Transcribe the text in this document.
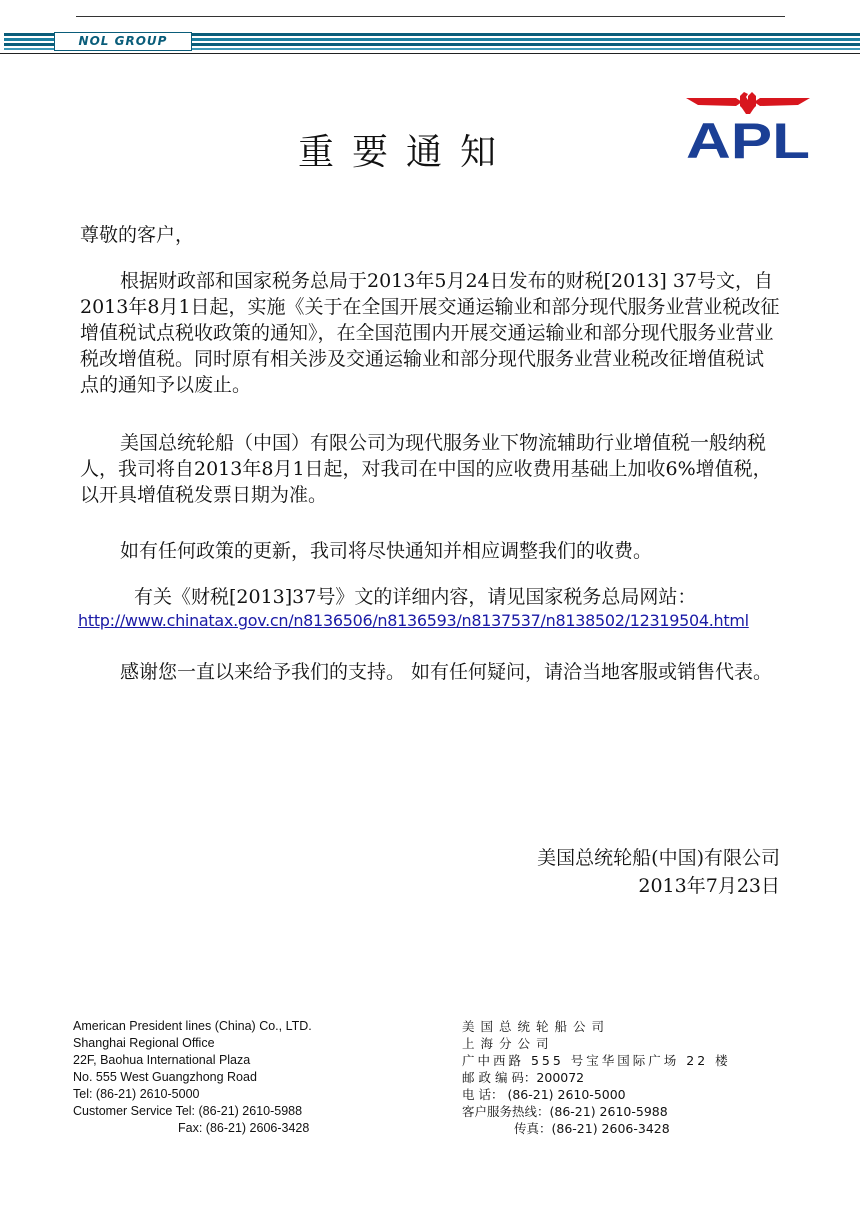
NOL GROUP
APL
重要通知
尊敬的客户，
根据财政部和国家税务总局于2013年5月24日发布的财税[2013] 37号文，自2013年8月1日起，实施《关于在全国开展交通运输业和部分现代服务业营业税改征增值税试点税收政策的通知》，在全国范围内开展交通运输业和部分现代服务业营业税改增值税。同时原有相关涉及交通运输业和部分现代服务业营业税改征增值税试点的通知予以废止。
美国总统轮船（中国）有限公司为现代服务业下物流辅助行业增值税一般纳税人，我司将自2013年8月1日起，对我司在中国的应收费用基础上加收6%增值税，以开具增值税发票日期为准。
如有任何政策的更新，我司将尽快通知并相应调整我们的收费。
有关《财税[2013]37号》文的详细内容，请见国家税务总局网站：
http://www.chinatax.gov.cn/n8136506/n8136593/n8137537/n8138502/12319504.html
感谢您一直以来给予我们的支持。 如有任何疑问，请洽当地客服或销售代表。
美国总统轮船(中国)有限公司
2013年7月23日
American President lines (China) Co., LTD.
Shanghai Regional Office
22F, Baohua International Plaza
No. 555 West Guangzhong Road
Tel: (86-21) 2610-5000
Customer Service Tel: (86-21) 2610-5988
Fax: (86-21) 2606-3428
美国总统轮船公司
上海分公司
广中西路 555 号宝华国际广场 22 楼
邮 政 编 码：200072
电 话： (86-21) 2610-5000
客户服务热线：(86-21) 2610-5988
传真：(86-21) 2606-3428
